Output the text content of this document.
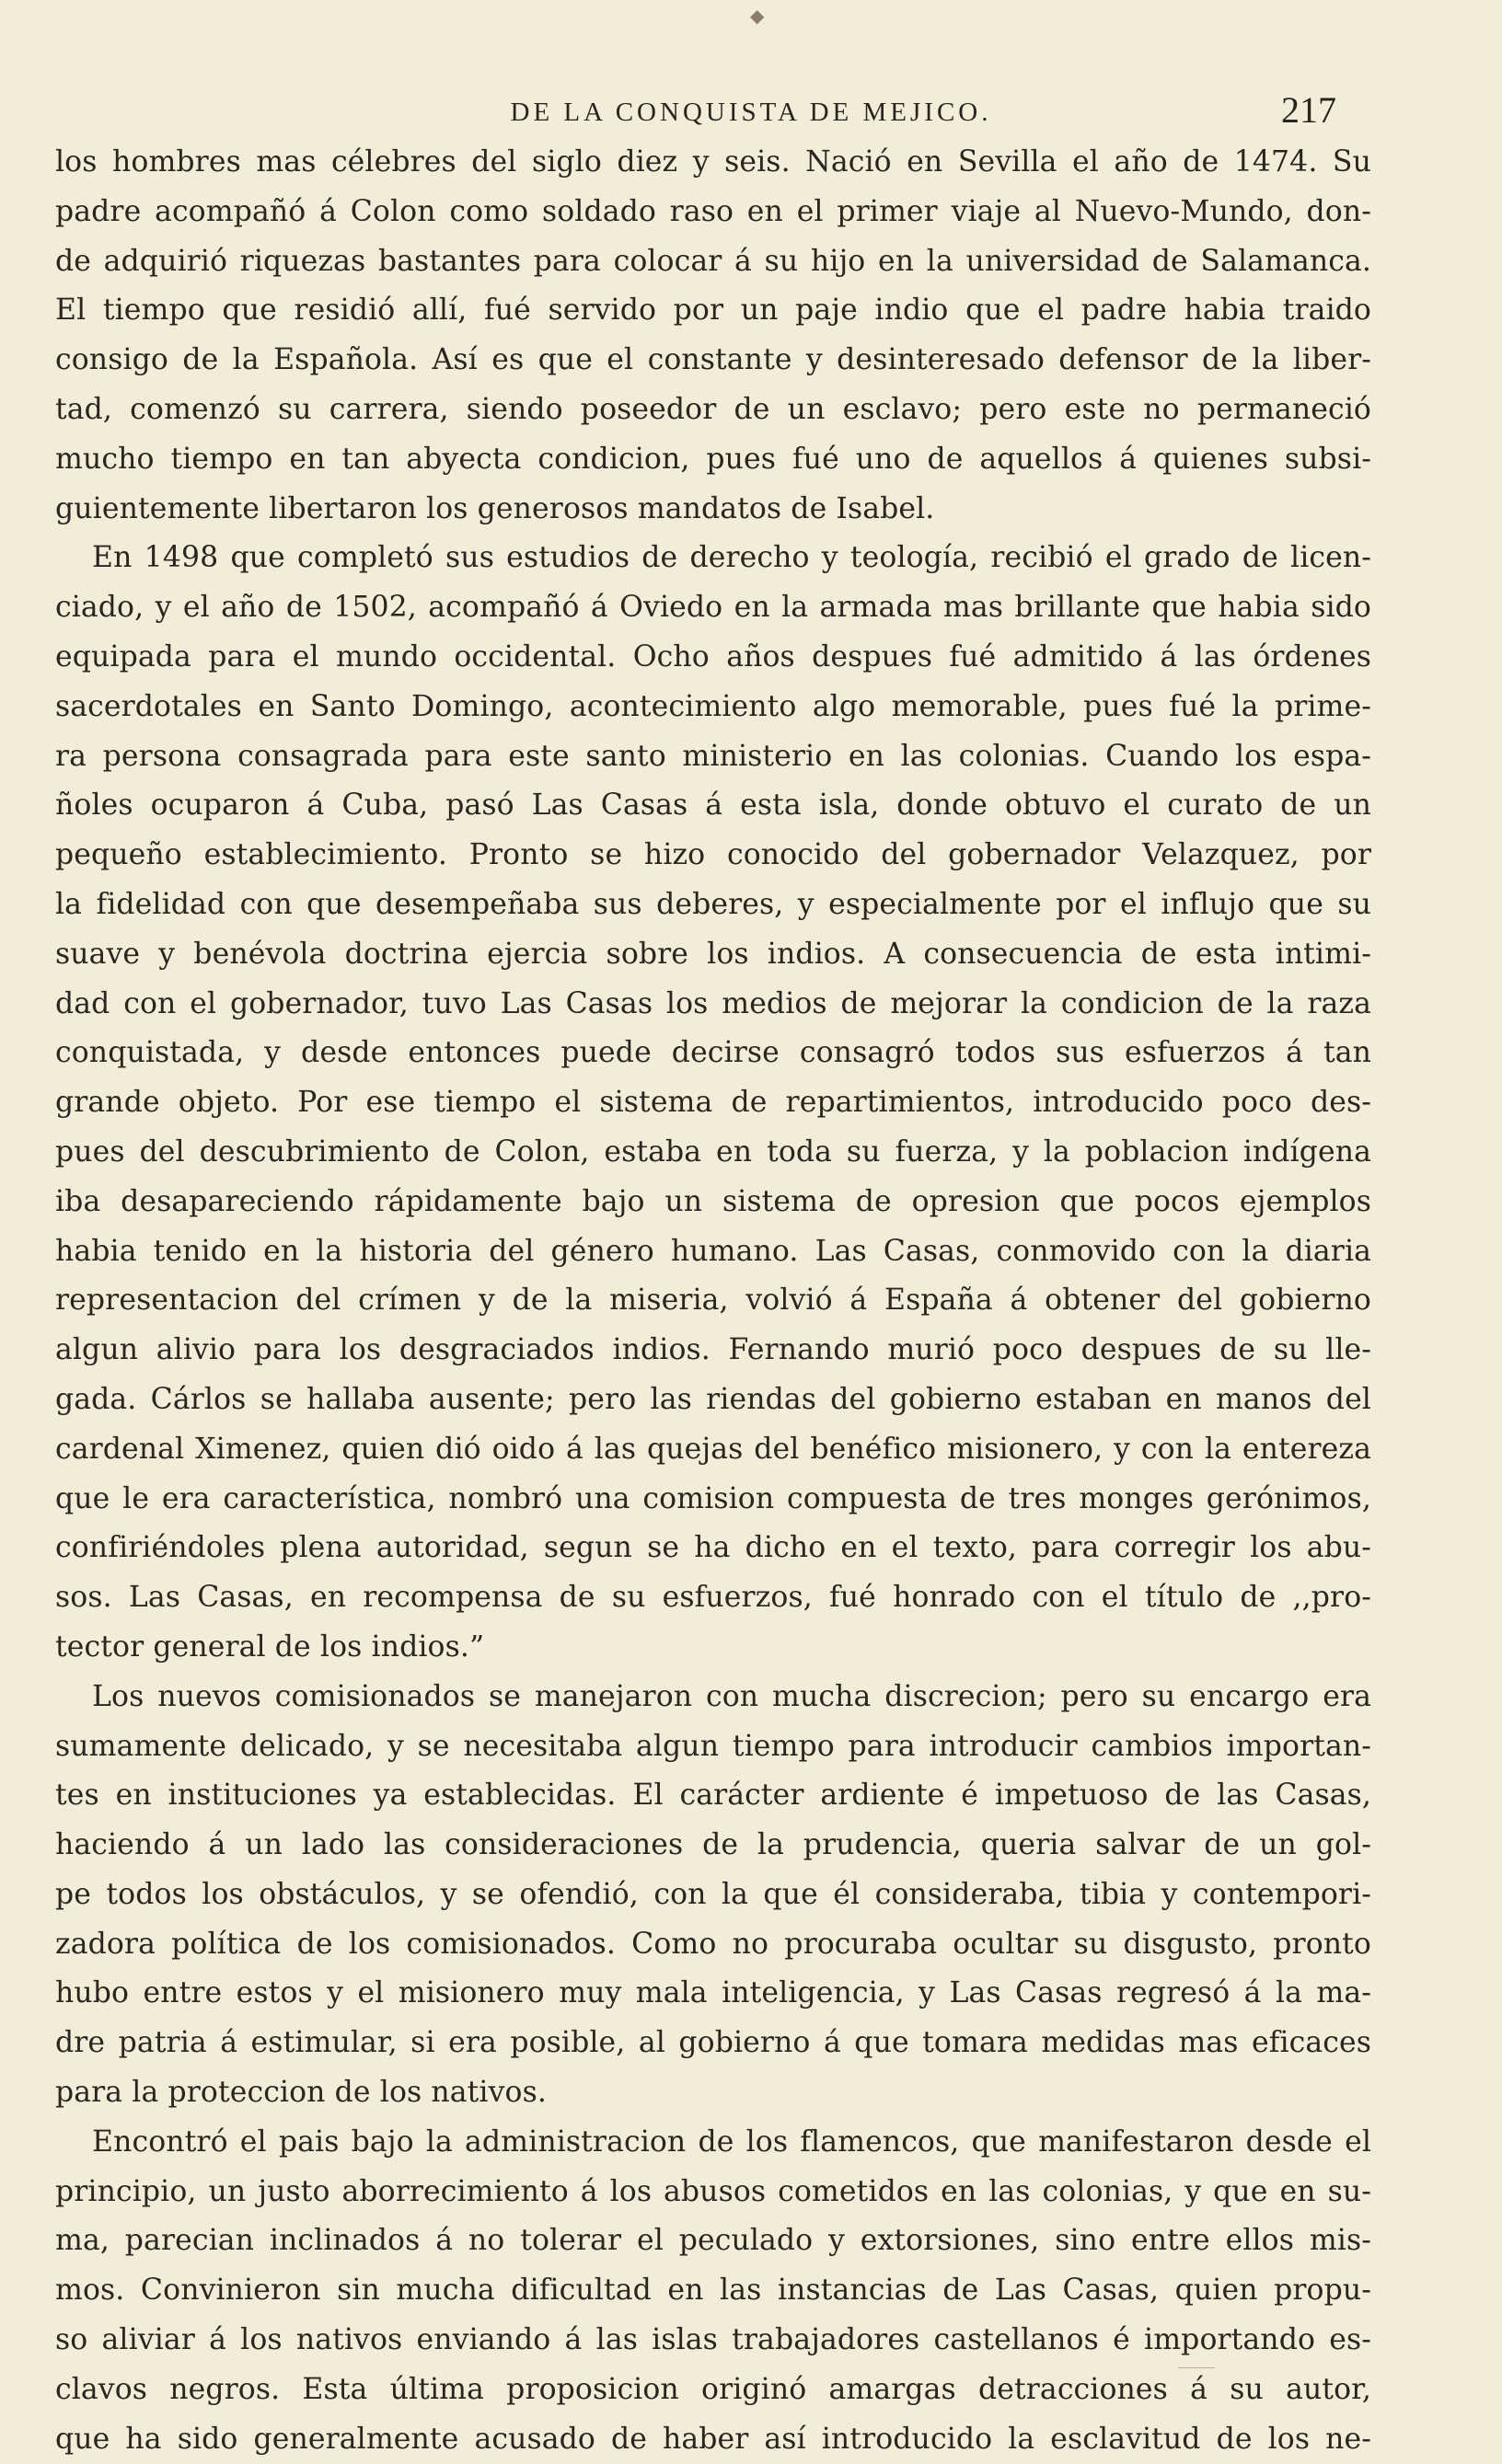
◆
DE LA CONQUISTA DE MEJICO.	217
los hombres mas célebres del siglo diez y seis. Nació en Sevilla el año de 1474. Su
padre acompañó á Colon como soldado raso en el primer viaje al Nuevo-Mundo, don-
de adquirió riquezas bastantes para colocar á su hijo en la universidad de Salamanca.
El tiempo que residió allí, fué servido por un paje indio que el padre habia traido
consigo de la Española. Así es que el constante y desinteresado defensor de la liber-
tad, comenzó su carrera, siendo poseedor de un esclavo; pero este no permaneció
mucho tiempo en tan abyecta condicion, pues fué uno de aquellos á quienes subsi-
guientemente libertaron los generosos mandatos de Isabel.
En 1498 que completó sus estudios de derecho y teología, recibió el grado de licen-
ciado, y el año de 1502, acompañó á Oviedo en la armada mas brillante que habia sido
equipada para el mundo occidental. Ocho años despues fué admitido á las órdenes
sacerdotales en Santo Domingo, acontecimiento algo memorable, pues fué la prime-
ra persona consagrada para este santo ministerio en las colonias. Cuando los espa-
ñoles ocuparon á Cuba, pasó Las Casas á esta isla, donde obtuvo el curato de un
pequeño establecimiento. Pronto se hizo conocido del gobernador Velazquez, por
la fidelidad con que desempeñaba sus deberes, y especialmente por el influjo que su
suave y benévola doctrina ejercia sobre los indios. A consecuencia de esta intimi-
dad con el gobernador, tuvo Las Casas los medios de mejorar la condicion de la raza
conquistada, y desde entonces puede decirse consagró todos sus esfuerzos á tan
grande objeto. Por ese tiempo el sistema de repartimientos, introducido poco des-
pues del descubrimiento de Colon, estaba en toda su fuerza, y la poblacion indígena
iba desapareciendo rápidamente bajo un sistema de opresion que pocos ejemplos
habia tenido en la historia del género humano. Las Casas, conmovido con la diaria
representacion del crímen y de la miseria, volvió á España á obtener del gobierno
algun alivio para los desgraciados indios. Fernando murió poco despues de su lle-
gada. Cárlos se hallaba ausente; pero las riendas del gobierno estaban en manos del
cardenal Ximenez, quien dió oido á las quejas del benéfico misionero, y con la entereza
que le era característica, nombró una comision compuesta de tres monges gerónimos,
confiriéndoles plena autoridad, segun se ha dicho en el texto, para corregir los abu-
sos. Las Casas, en recompensa de su esfuerzos, fué honrado con el título de ,,pro-
tector general de los indios.”
Los nuevos comisionados se manejaron con mucha discrecion; pero su encargo era
sumamente delicado, y se necesitaba algun tiempo para introducir cambios importan-
tes en instituciones ya establecidas. El carácter ardiente é impetuoso de las Casas,
haciendo á un lado las consideraciones de la prudencia, queria salvar de un gol-
pe todos los obstáculos, y se ofendió, con la que él consideraba, tibia y contempori-
zadora política de los comisionados. Como no procuraba ocultar su disgusto, pronto
hubo entre estos y el misionero muy mala inteligencia, y Las Casas regresó á la ma-
dre patria á estimular, si era posible, al gobierno á que tomara medidas mas eficaces
para la proteccion de los nativos.
Encontró el pais bajo la administracion de los flamencos, que manifestaron desde el
principio, un justo aborrecimiento á los abusos cometidos en las colonias, y que en su-
ma, parecian inclinados á no tolerar el peculado y extorsiones, sino entre ellos mis-
mos. Convinieron sin mucha dificultad en las instancias de Las Casas, quien propu-
so aliviar á los nativos enviando á las islas trabajadores castellanos é importando es-
clavos negros. Esta última proposicion originó amargas detracciones á su autor,
que ha sido generalmente acusado de haber así introducido la esclavitud de los ne-
